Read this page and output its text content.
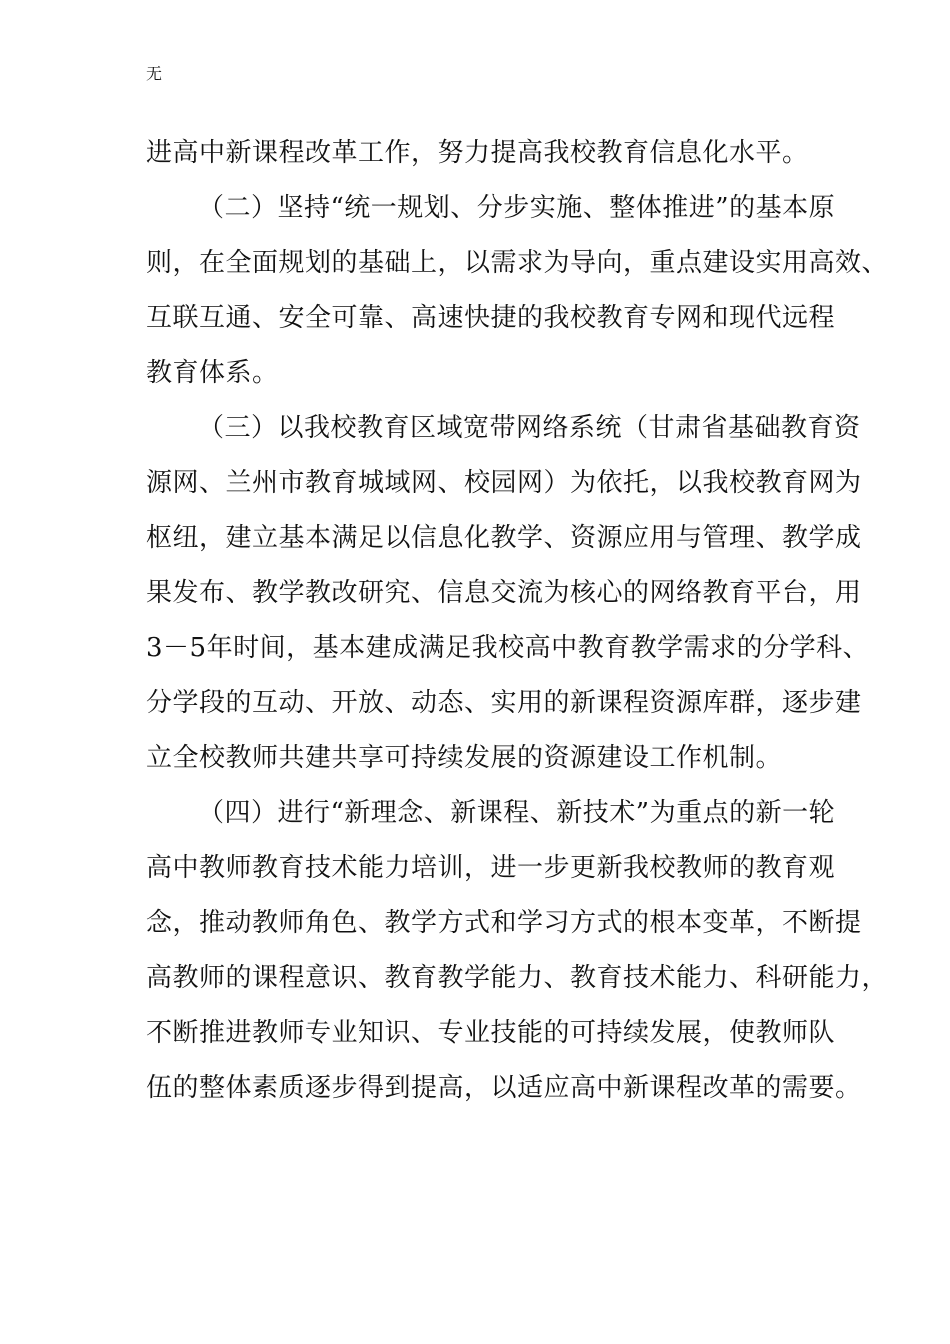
无
进高中新课程改革工作，努力提高我校教育信息化水平。
（二）坚持“统一规划、分步实施、整体推进”的基本原
则，在全面规划的基础上，以需求为导向，重点建设实用高效、
互联互通、安全可靠、高速快捷的我校教育专网和现代远程
教育体系。
（三）以我校教育区域宽带网络系统（甘肃省基础教育资
源网、兰州市教育城域网、校园网）为依托，以我校教育网为
枢纽，建立基本满足以信息化教学、资源应用与管理、教学成
果发布、教学教改研究、信息交流为核心的网络教育平台，用
3－5年时间，基本建成满足我校高中教育教学需求的分学科、
分学段的互动、开放、动态、实用的新课程资源库群，逐步建
立全校教师共建共享可持续发展的资源建设工作机制。
（四）进行“新理念、新课程、新技术”为重点的新一轮
高中教师教育技术能力培训，进一步更新我校教师的教育观
念，推动教师角色、教学方式和学习方式的根本变革，不断提
高教师的课程意识、教育教学能力、教育技术能力、科研能力，
不断推进教师专业知识、专业技能的可持续发展，使教师队
伍的整体素质逐步得到提高，以适应高中新课程改革的需要。
